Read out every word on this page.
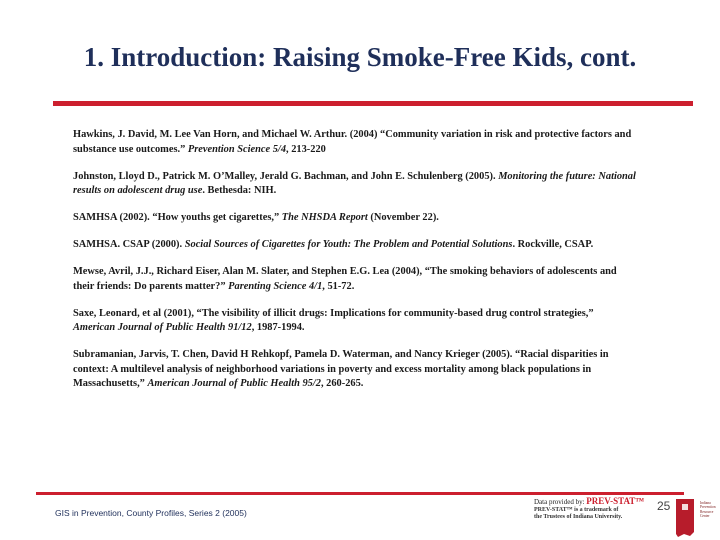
1. Introduction: Raising Smoke-Free Kids, cont.

Hawkins, J. David, M. Lee Van Horn, and Michael W. Arthur. (2004) “Community variation in risk and protective factors and substance use outcomes.” Prevention Science 5/4, 213-220

Johnston, Lloyd D., Patrick M. O’Malley, Jerald G. Bachman, and John E. Schulenberg (2005). Monitoring the future: National results on adolescent drug use. Bethesda: NIH.

SAMHSA (2002). “How youths get cigarettes,” The NHSDA Report (November 22).

SAMHSA. CSAP (2000). Social Sources of Cigarettes for Youth: The Problem and Potential Solutions. Rockville, CSAP.

Mewse, Avril, J.J., Richard Eiser, Alan M. Slater, and Stephen E.G. Lea (2004), “The smoking behaviors of adolescents and their friends: Do parents matter?” Parenting Science 4/1, 51-72.

Saxe, Leonard, et al (2001), “The visibility of illicit drugs: Implications for community-based drug control strategies,” American Journal of Public Health 91/12, 1987-1994.

Subramanian, Jarvis, T. Chen, David H Rehkopf, Pamela D. Waterman, and Nancy Krieger (2005). “Racial disparities in context: A multilevel analysis of neighborhood variations in poverty and excess mortality among black populations in Massachusetts,” American Journal of Public Health 95/2, 260-265.

GIS in Prevention, County Profiles, Series 2 (2005)
Data provided by: PREV-STAT™
PREV-STAT™ is a trademark of
the Trustees of Indiana University.
25	Indiana
Prevention
Resource
Center
